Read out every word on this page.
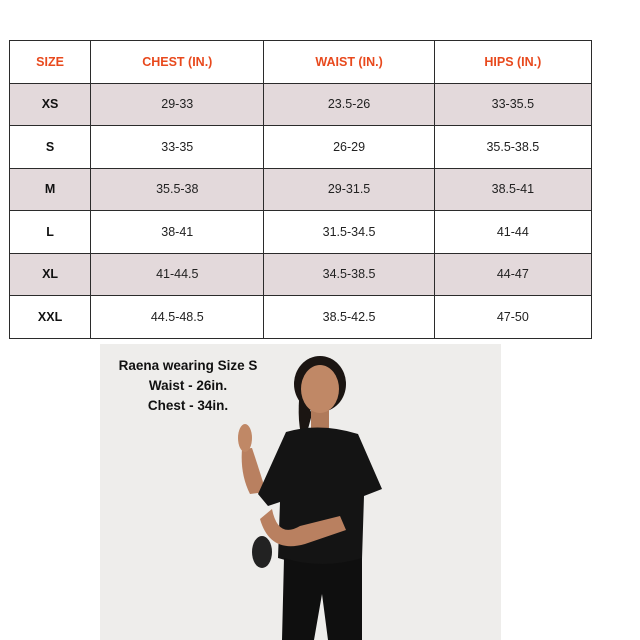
SIZE	CHEST (IN.)	WAIST (IN.)	HIPS (IN.)
XS	29-33	23.5-26	33-35.5
S	33-35	26-29	35.5-38.5
M	35.5-38	29-31.5	38.5-41
L	38-41	31.5-34.5	41-44
XL	41-44.5	34.5-38.5	44-47
XXL	44.5-48.5	38.5-42.5	47-50
Raena wearing Size S
Waist - 26in.
Chest - 34in.
